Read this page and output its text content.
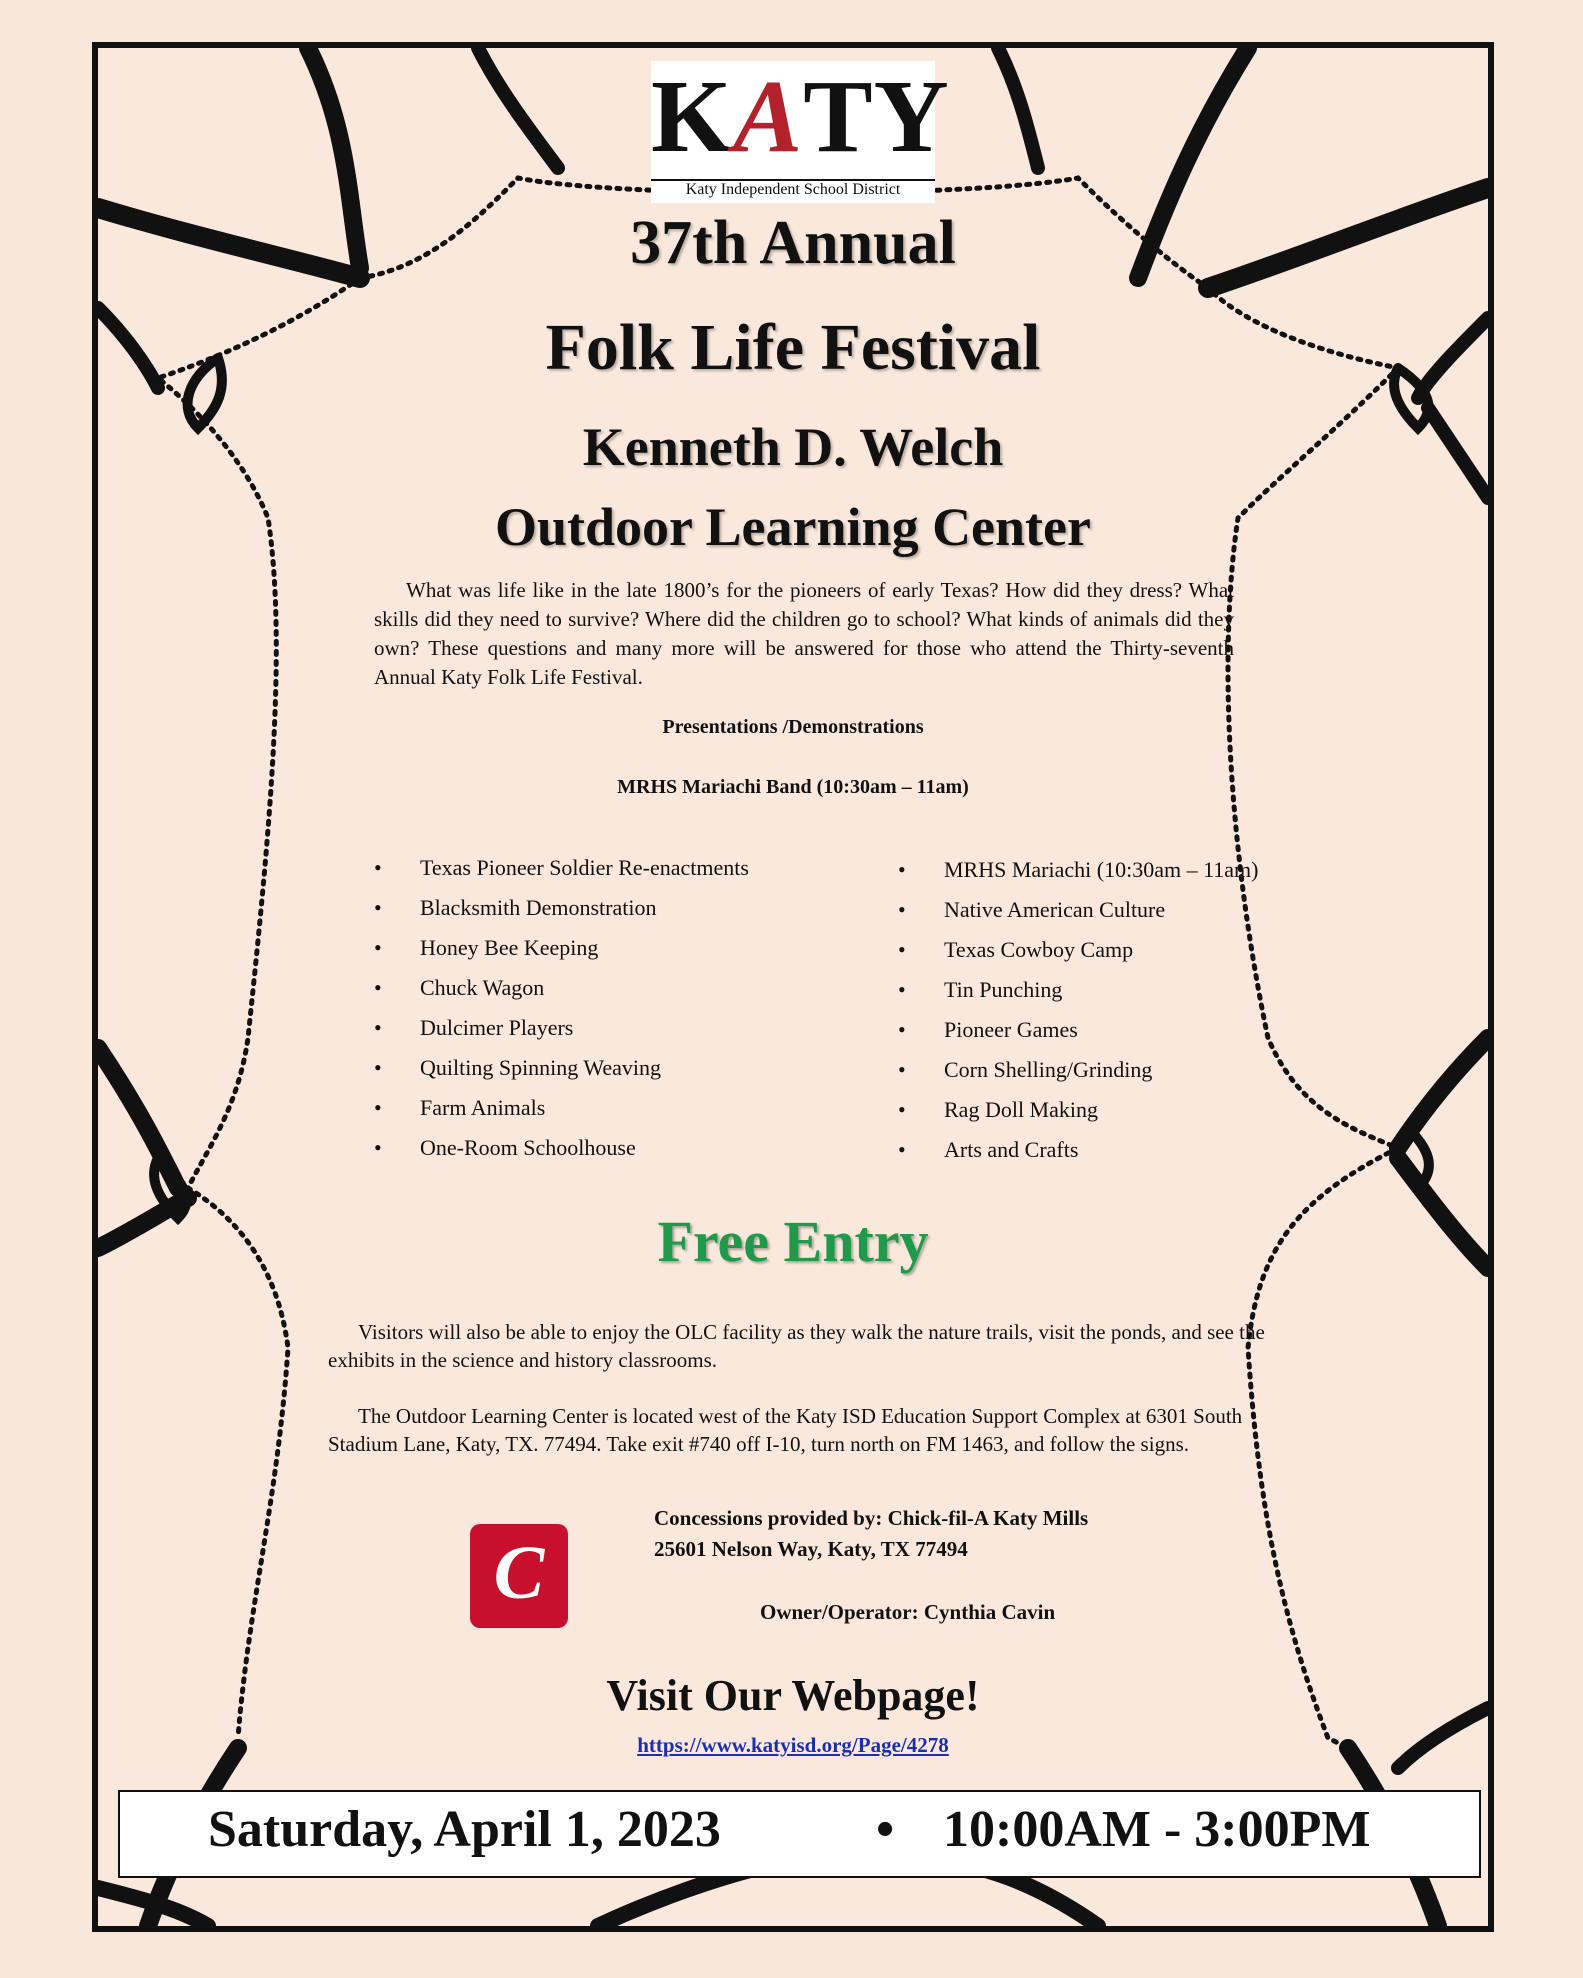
KATY
Katy Independent School District
37th Annual
Folk Life Festival
Kenneth D. Welch
Outdoor Learning Center
What was life like in the late 1800’s for the pioneers of early Texas? How did they dress? What skills did they need to survive? Where did the children go to school? What kinds of animals did they own? These questions and many more will be answered for those who attend the Thirty-seventh Annual Katy Folk Life Festival.
Presentations /Demonstrations
MRHS Mariachi Band (10:30am – 11am)
• Texas Pioneer Soldier Re-enactments
• Blacksmith Demonstration
• Honey Bee Keeping
• Chuck Wagon
• Dulcimer Players
• Quilting Spinning Weaving
• Farm Animals
• One-Room Schoolhouse
• MRHS Mariachi (10:30am – 11am)
• Native American Culture
• Texas Cowboy Camp
• Tin Punching
• Pioneer Games
• Corn Shelling/Grinding
• Rag Doll Making
• Arts and Crafts
Free Entry
Visitors will also be able to enjoy the OLC facility as they walk the nature trails, visit the ponds, and see the exhibits in the science and history classrooms.
The Outdoor Learning Center is located west of the Katy ISD Education Support Complex at 6301 South Stadium Lane, Katy, TX. 77494. Take exit #740 off I-10, turn north on FM 1463, and follow the signs.
C
Concessions provided by: Chick-fil-A Katy Mills
25601 Nelson Way, Katy, TX 77494
Owner/Operator: Cynthia Cavin
Visit Our Webpage!
https://www.katyisd.org/Page/4278
Saturday, April 1, 2023	• 10:00AM - 3:00PM
